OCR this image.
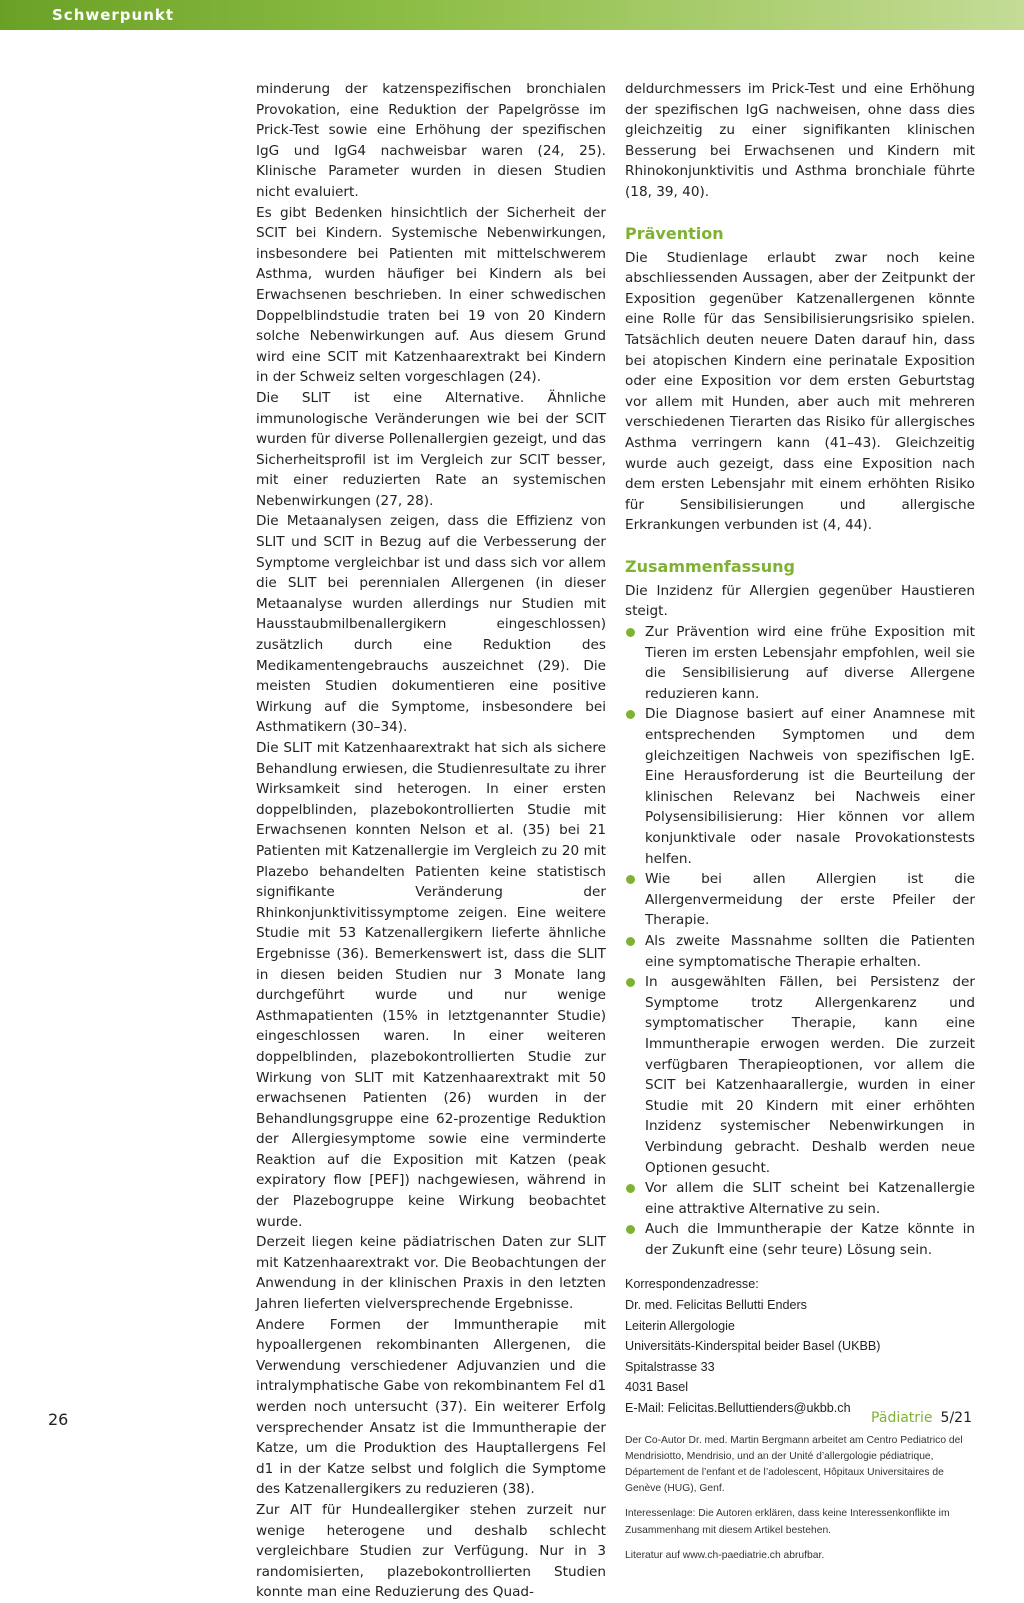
Schwerpunkt

minderung der katzenspezifischen bronchialen Provokation, eine Reduktion der Papelgrösse im Prick-Test sowie eine Erhöhung der spezifischen IgG und IgG4 nachweisbar waren (24, 25). Klinische Parameter wurden in diesen Studien nicht evaluiert.

Es gibt Bedenken hinsichtlich der Sicherheit der SCIT bei Kindern. Systemische Nebenwirkungen, insbesondere bei Patienten mit mittelschwerem Asthma, wurden häufiger bei Kindern als bei Erwachsenen beschrieben. In einer schwedischen Doppelblindstudie traten bei 19 von 20 Kindern solche Nebenwirkungen auf. Aus diesem Grund wird eine SCIT mit Katzenhaarextrakt bei Kindern in der Schweiz selten vorgeschlagen (24).

Die SLIT ist eine Alternative. Ähnliche immunologische Veränderungen wie bei der SCIT wurden für diverse Pollenallergien gezeigt, und das Sicherheitsprofil ist im Vergleich zur SCIT besser, mit einer reduzierten Rate an systemischen Nebenwirkungen (27, 28).

Die Metaanalysen zeigen, dass die Effizienz von SLIT und SCIT in Bezug auf die Verbesserung der Symptome vergleichbar ist und dass sich vor allem die SLIT bei perennialen Allergenen (in dieser Metaanalyse wurden allerdings nur Studien mit Hausstaubmilbenallergikern eingeschlossen) zusätzlich durch eine Reduktion des Medikamentengebrauchs auszeichnet (29). Die meisten Studien dokumentieren eine positive Wirkung auf die Symptome, insbesondere bei Asthmatikern (30–34).

Die SLIT mit Katzenhaarextrakt hat sich als sichere Behandlung erwiesen, die Studienresultate zu ihrer Wirksamkeit sind heterogen. In einer ersten doppelblinden, plazebokontrollierten Studie mit Erwachsenen konnten Nelson et al. (35) bei 21 Patienten mit Katzenallergie im Vergleich zu 20 mit Plazebo behandelten Patienten keine statistisch signifikante Veränderung der Rhinkonjunktivitissymptome zeigen. Eine weitere Studie mit 53 Katzenallergikern lieferte ähnliche Ergebnisse (36). Bemerkenswert ist, dass die SLIT in diesen beiden Studien nur 3 Monate lang durchgeführt wurde und nur wenige Asthmapatienten (15% in letztgenannter Studie) eingeschlossen waren. In einer weiteren doppelblinden, plazebokontrollierten Studie zur Wirkung von SLIT mit Katzenhaarextrakt mit 50 erwachsenen Patienten (26) wurden in der Behandlungsgruppe eine 62-prozentige Reduktion der Allergiesymptome sowie eine verminderte Reaktion auf die Exposition mit Katzen (peak expiratory flow [PEF]) nachgewiesen, während in der Plazebogruppe keine Wirkung beobachtet wurde.

Derzeit liegen keine pädiatrischen Daten zur SLIT mit Katzenhaarextrakt vor. Die Beobachtungen der Anwendung in der klinischen Praxis in den letzten Jahren lieferten vielversprechende Ergebnisse.

Andere Formen der Immuntherapie mit hypoallergenen rekombinanten Allergenen, die Verwendung verschiedener Adjuvanzien und die intralymphatische Gabe von rekombinantem Fel d1 werden noch untersucht (37). Ein weiterer Erfolg versprechender Ansatz ist die Immuntherapie der Katze, um die Produktion des Hauptallergens Fel d1 in der Katze selbst und folglich die Symptome des Katzenallergikers zu reduzieren (38).

Zur AIT für Hundeallergiker stehen zurzeit nur wenige heterogene und deshalb schlecht vergleichbare Studien zur Verfügung. Nur in 3 randomisierten, plazebokontrollierten Studien konnte man eine Reduzierung des Quad-

deldurchmessers im Prick-Test und eine Erhöhung der spezifischen IgG nachweisen, ohne dass dies gleichzeitig zu einer signifikanten klinischen Besserung bei Erwachsenen und Kindern mit Rhinokonjunktivitis und Asthma bronchiale führte (18, 39, 40).

Prävention

Die Studienlage erlaubt zwar noch keine abschliessenden Aussagen, aber der Zeitpunkt der Exposition gegenüber Katzenallergenen könnte eine Rolle für das Sensibilisierungsrisiko spielen. Tatsächlich deuten neuere Daten darauf hin, dass bei atopischen Kindern eine perinatale Exposition oder eine Exposition vor dem ersten Geburtstag vor allem mit Hunden, aber auch mit mehreren verschiedenen Tierarten das Risiko für allergisches Asthma verringern kann (41–43). Gleichzeitig wurde auch gezeigt, dass eine Exposition nach dem ersten Lebensjahr mit einem erhöhten Risiko für Sensibilisierungen und allergische Erkrankungen verbunden ist (4, 44).

Zusammenfassung

Die Inzidenz für Allergien gegenüber Haustieren steigt.

Zur Prävention wird eine frühe Exposition mit Tieren im ersten Lebensjahr empfohlen, weil sie die Sensibilisierung auf diverse Allergene reduzieren kann.
Die Diagnose basiert auf einer Anamnese mit entsprechenden Symptomen und dem gleichzeitigen Nachweis von spezifischen IgE. Eine Herausforderung ist die Beurteilung der klinischen Relevanz bei Nachweis einer Polysensibilisierung: Hier können vor allem konjunktivale oder nasale Provokationstests helfen.
Wie bei allen Allergien ist die Allergenvermeidung der erste Pfeiler der Therapie.
Als zweite Massnahme sollten die Patienten eine symptomatische Therapie erhalten.
In ausgewählten Fällen, bei Persistenz der Symptome trotz Allergenkarenz und symptomatischer Therapie, kann eine Immuntherapie erwogen werden. Die zurzeit verfügbaren Therapieoptionen, vor allem die SCIT bei Katzenhaarallergie, wurden in einer Studie mit 20 Kindern mit einer erhöhten Inzidenz systemischer Nebenwirkungen in Verbindung gebracht. Deshalb werden neue Optionen gesucht.
Vor allem die SLIT scheint bei Katzenallergie eine attraktive Alternative zu sein.
Auch die Immuntherapie der Katze könnte in der Zukunft eine (sehr teure) Lösung sein.
Korrespondenzadresse:
Dr. med. Felicitas Bellutti Enders
Leiterin Allergologie
Universitäts-Kinderspital beider Basel (UKBB)
Spitalstrasse 33
4031 Basel
E-Mail: Felicitas.Belluttienders@ukbb.ch

Der Co-Autor Dr. med. Martin Bergmann arbeitet am Centro Pediatrico del Mendrisiotto, Mendrisio, und an der Unité d’allergologie pédiatrique, Département de l’enfant et de l’adolescent, Hôpitaux Universitaires de Genève (HUG), Genf.

Interessenlage: Die Autoren erklären, dass keine Interessenkonflikte im Zusammenhang mit diesem Artikel bestehen.

Literatur auf www.ch-paediatrie.ch abrufbar.

26	Pädiatrie 5/21
